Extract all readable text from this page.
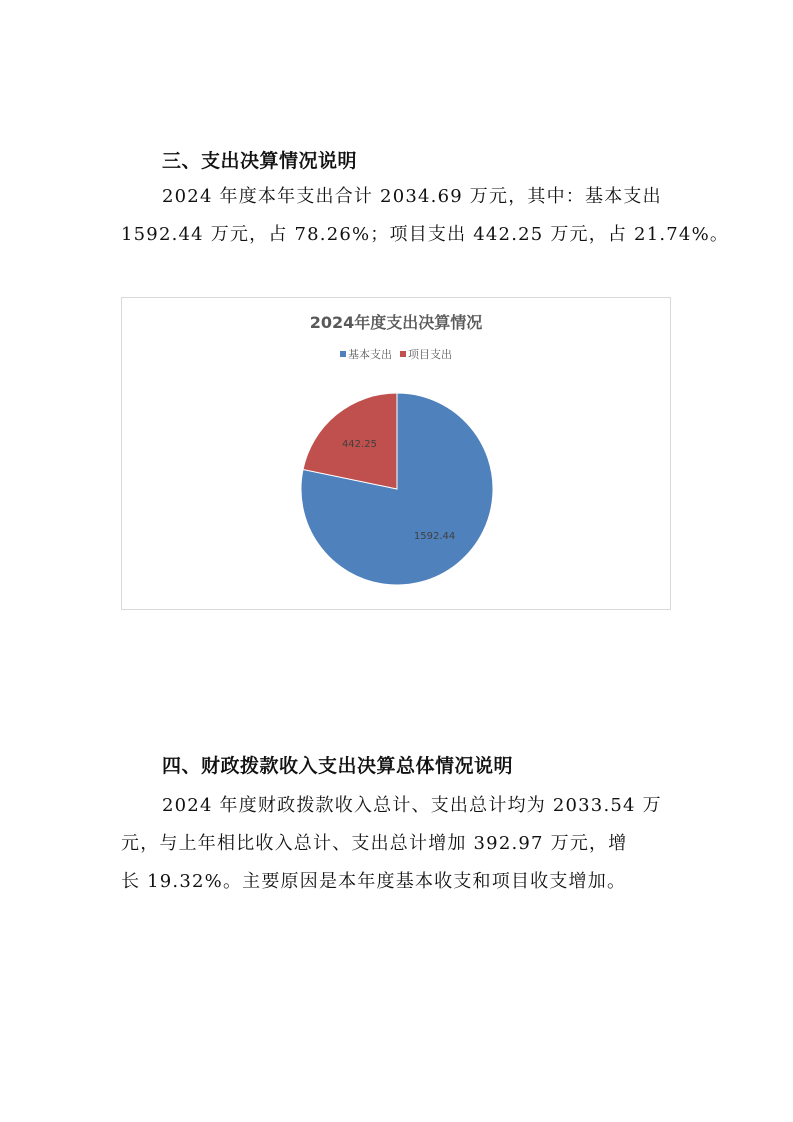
三、支出决算情况说明

2024 年度本年支出合计 2034.69 万元，其中：基本支出

1592.44 万元，占 78.26%；项目支出 442.25 万元，占 21.74%。

2024年度支出决算情况
基本支出 项目支出
1592.44
442.25
四、财政拨款收入支出决算总体情况说明

2024 年度财政拨款收入总计、支出总计均为 2033.54 万

元，与上年相比收入总计、支出总计增加 392.97 万元，增

长 19.32%。主要原因是本年度基本收支和项目收支增加。
